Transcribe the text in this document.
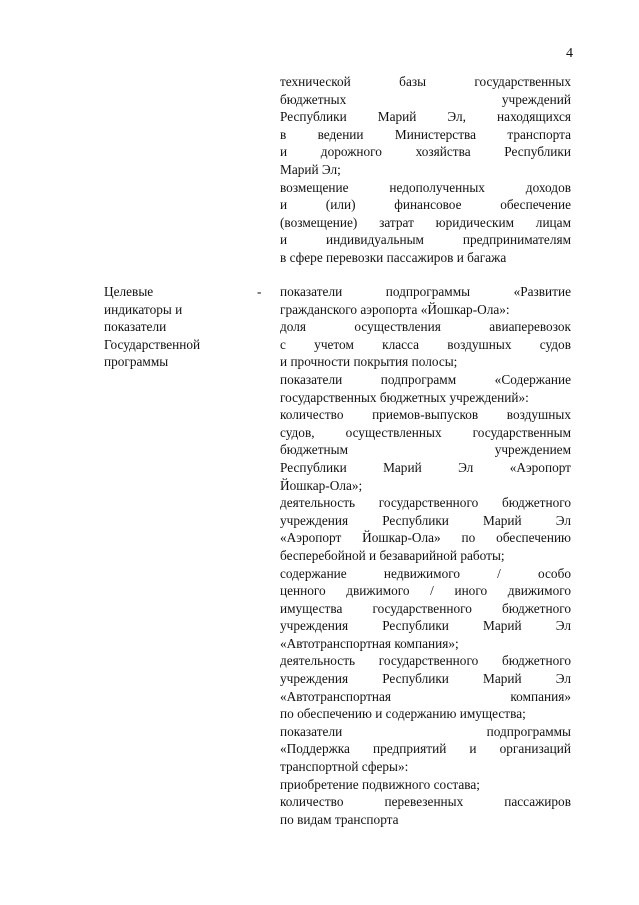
4
технической базы государственных
бюджетных учреждений
Республики Марий Эл, находящихся
в ведении Министерства транспорта
и дорожного хозяйства Республики
Марий Эл;
возмещение недополученных доходов
и (или) финансовое обеспечение
(возмещение) затрат юридическим лицам
и индивидуальным предпринимателям
в сфере перевозки пассажиров и багажа
Целевые
индикаторы и
показатели
Государственной
программы
- показатели подпрограммы «Развитие
гражданского аэропорта «Йошкар-Ола»:
доля осуществления авиаперевозок
с учетом класса воздушных судов
и прочности покрытия полосы;
показатели подпрограмм «Содержание
государственных бюджетных учреждений»:
количество приемов-выпусков воздушных
судов, осуществленных государственным
бюджетным учреждением
Республики Марий Эл «Аэропорт
Йошкар-Ола»;
деятельность государственного бюджетного
учреждения Республики Марий Эл
«Аэропорт Йошкар-Ола» по обеспечению
бесперебойной и безаварийной работы;
содержание недвижимого / особо
ценного движимого / иного движимого
имущества государственного бюджетного
учреждения Республики Марий Эл
«Автотранспортная компания»;
деятельность государственного бюджетного
учреждения Республики Марий Эл
«Автотранспортная компания»
по обеспечению и содержанию имущества;
показатели подпрограммы
«Поддержка предприятий и организаций
транспортной сферы»:
приобретение подвижного состава;
количество перевезенных пассажиров
по видам транспорта
